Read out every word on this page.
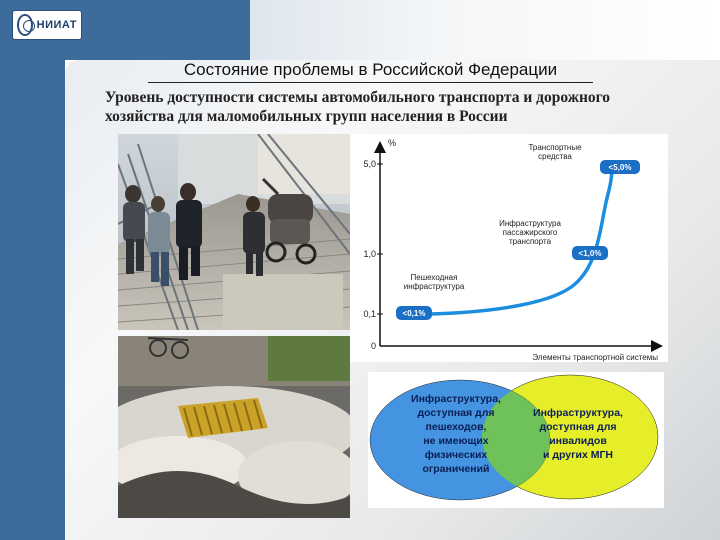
НИИАТ
Состояние проблемы в Российской Федерации
Уровень доступности системы автомобильного транспорта и дорожного
хозяйства для маломобильных групп населения в России
%
5,0
1,0
0,1
0
Транспортные
средства
<5,0%
Инфраструктура
пассажирского
транспорта
<1,0%
Пешеходная
инфраструктура
<0,1%
Элементы транспортной системы
Инфраструктура,
доступная для
пешеходов,
не имеющих
физических
ограничений
Инфраструктура,
доступная для
инвалидов
и других МГН
